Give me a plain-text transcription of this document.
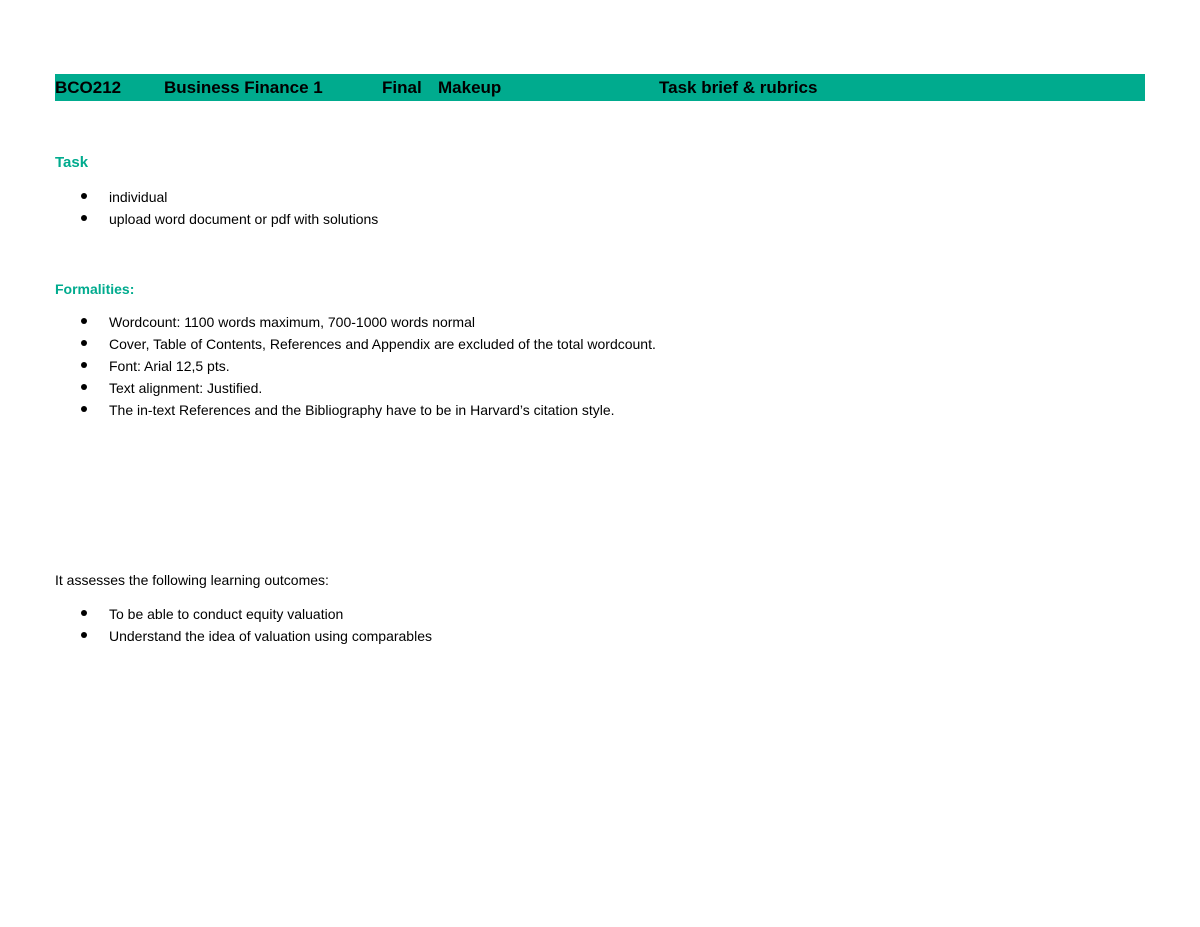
BCO212	Business Finance 1	Final Makeup	Task brief & rubrics
Task
individual
upload word document or pdf with solutions
Formalities:
Wordcount: 1100 words maximum, 700-1000 words normal
Cover, Table of Contents, References and Appendix are excluded of the total wordcount.
Font: Arial 12,5 pts.
Text alignment: Justified.
The in-text References and the Bibliography have to be in Harvard’s citation style.
It assesses the following learning outcomes:
To be able to conduct equity valuation
Understand the idea of valuation using comparables
